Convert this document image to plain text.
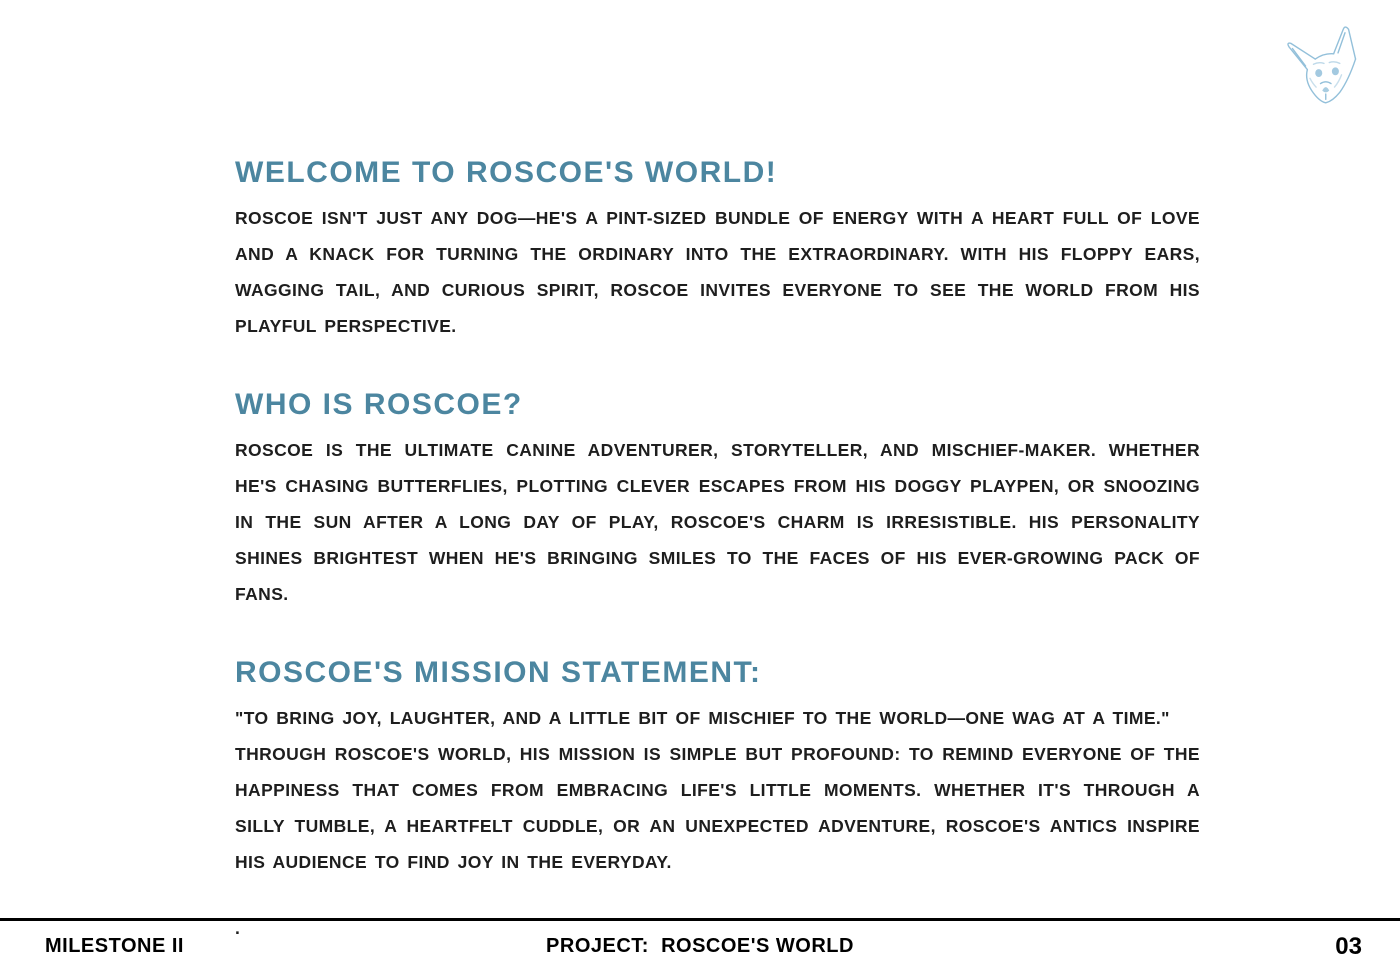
WELCOME TO ROSCOE'S WORLD!

ROSCOE ISN'T JUST ANY DOG—HE'S A PINT-SIZED BUNDLE OF ENERGY WITH A HEART FULL OF LOVE AND A KNACK FOR TURNING THE ORDINARY INTO THE EXTRAORDINARY. WITH HIS FLOPPY EARS, WAGGING TAIL, AND CURIOUS SPIRIT, ROSCOE INVITES EVERYONE TO SEE THE WORLD FROM HIS PLAYFUL PERSPECTIVE.

WHO IS ROSCOE?

ROSCOE IS THE ULTIMATE CANINE ADVENTURER, STORYTELLER, AND MISCHIEF-MAKER. WHETHER HE'S CHASING BUTTERFLIES, PLOTTING CLEVER ESCAPES FROM HIS DOGGY PLAYPEN, OR SNOOZING IN THE SUN AFTER A LONG DAY OF PLAY, ROSCOE'S CHARM IS IRRESISTIBLE. HIS PERSONALITY SHINES BRIGHTEST WHEN HE'S BRINGING SMILES TO THE FACES OF HIS EVER-GROWING PACK OF FANS.

ROSCOE'S MISSION STATEMENT:

"TO BRING JOY, LAUGHTER, AND A LITTLE BIT OF MISCHIEF TO THE WORLD—ONE WAG AT A TIME."

THROUGH ROSCOE'S WORLD, HIS MISSION IS SIMPLE BUT PROFOUND: TO REMIND EVERYONE OF THE HAPPINESS THAT COMES FROM EMBRACING LIFE'S LITTLE MOMENTS. WHETHER IT'S THROUGH A SILLY TUMBLE, A HEARTFELT CUDDLE, OR AN UNEXPECTED ADVENTURE, ROSCOE'S ANTICS INSPIRE HIS AUDIENCE TO FIND JOY IN THE EVERYDAY.

.
MILESTONE II	PROJECT:  ROSCOE'S WORLD	03
